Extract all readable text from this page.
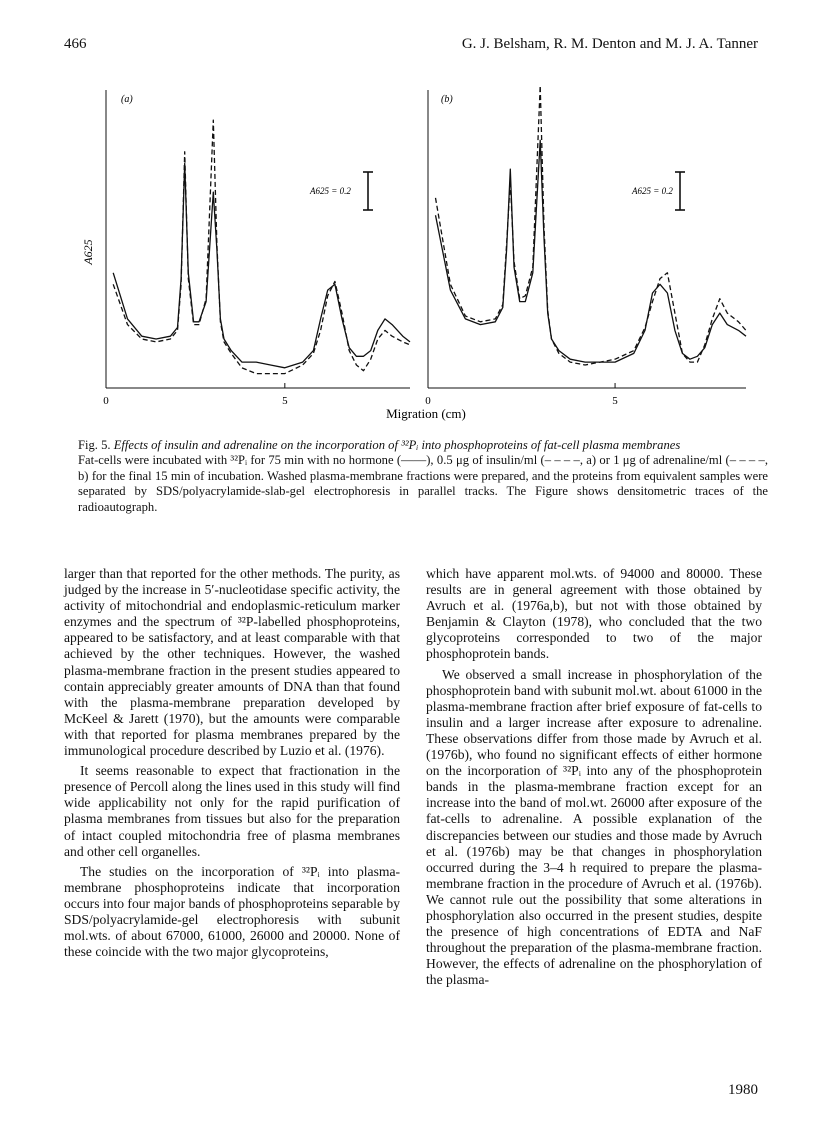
466	G. J. Belsham, R. M. Denton and M. J. A. Tanner
0	5	0	5
A625
(a)	(b)
A625 = 0.2	A625 = 0.2
Migration (cm)

Fig. 5. Effects of insulin and adrenaline on the incorporation of ³²Pᵢ into phosphoproteins of fat-cell plasma membranes

Fat-cells were incubated with ³²Pᵢ for 75 min with no hormone (——), 0.5 μg of insulin/ml (– – – –, a) or 1 μg of adrenaline/ml (– – – –, b) for the final 15 min of incubation. Washed plasma-membrane fractions were prepared, and the proteins from equivalent samples were separated by SDS/polyacrylamide-slab-gel electrophoresis in parallel tracks. The Figure shows densitometric traces of the radioautograph.

larger than that reported for the other methods. The purity, as judged by the increase in 5′-nucleotidase specific activity, the activity of mitochondrial and endoplasmic-reticulum marker enzymes and the spectrum of ³²P-labelled phosphoproteins, appeared to be satisfactory, and at least comparable with that achieved by the other techniques. However, the washed plasma-membrane fraction in the present studies appeared to contain appreciably greater amounts of DNA than that found with the plasma-membrane preparation developed by McKeel & Jarett (1970), but the amounts were comparable with that reported for plasma membranes prepared by the immunological procedure described by Luzio et al. (1976).

It seems reasonable to expect that fractionation in the presence of Percoll along the lines used in this study will find wide applicability not only for the rapid purification of plasma membranes from tissues but also for the preparation of intact coupled mitochondria free of plasma membranes and other cell organelles.

The studies on the incorporation of ³²Pᵢ into plasma-membrane phosphoproteins indicate that incorporation occurs into four major bands of phosphoproteins separable by SDS/polyacrylamide-gel electrophoresis with subunit mol.wts. of about 67000, 61000, 26000 and 20000. None of these coincide with the two major glycoproteins,

which have apparent mol.wts. of 94000 and 80000. These results are in general agreement with those obtained by Avruch et al. (1976a,b), but not with those obtained by Benjamin & Clayton (1978), who concluded that the two glycoproteins corresponded to two of the major phosphoprotein bands.

We observed a small increase in phosphorylation of the phosphoprotein band with subunit mol.wt. about 61000 in the plasma-membrane fraction after brief exposure of fat-cells to insulin and a larger increase after exposure to adrenaline. These observations differ from those made by Avruch et al. (1976b), who found no significant effects of either hormone on the incorporation of ³²Pᵢ into any of the phosphoprotein bands in the plasma-membrane fraction except for an increase into the band of mol.wt. 26000 after exposure of the fat-cells to adrenaline. A possible explanation of the discrepancies between our studies and those made by Avruch et al. (1976b) may be that changes in phosphorylation occurred during the 3–4 h required to prepare the plasma-membrane fraction in the procedure of Avruch et al. (1976b). We cannot rule out the possibility that some alterations in phosphorylation also occurred in the present studies, despite the presence of high concentrations of EDTA and NaF throughout the preparation of the plasma-membrane fraction. However, the effects of adrenaline on the phosphorylation of the plasma-

1980
